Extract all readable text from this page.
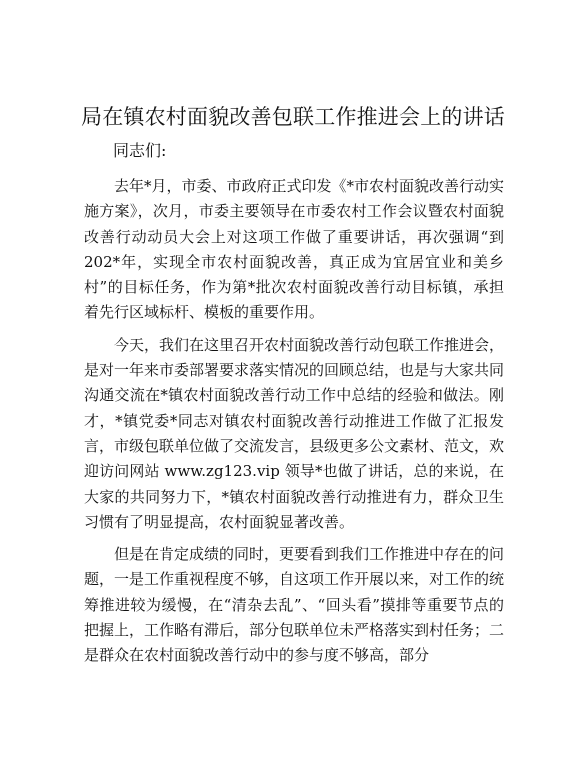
局在镇农村面貌改善包联工作推进会上的讲话
同志们:

去年*月，市委、市政府正式印发《*市农村面貌改善行动实施方案》，次月，市委主要领导在市委农村工作会议暨农村面貌改善行动动员大会上对这项工作做了重要讲话，再次强调“到202*年，实现全市农村面貌改善，真正成为宜居宜业和美乡村”的目标任务，作为第*批次农村面貌改善行动目标镇，承担着先行区域标杆、模板的重要作用。

今天，我们在这里召开农村面貌改善行动包联工作推进会，是对一年来市委部署要求落实情况的回顾总结，也是与大家共同沟通交流在*镇农村面貌改善行动工作中总结的经验和做法。刚才，*镇党委*同志对镇农村面貌改善行动推进工作做了汇报发言，市级包联单位做了交流发言，县级更多公文素材、范文，欢迎访问网站 www.zg123.vip 领导*也做了讲话，总的来说，在大家的共同努力下，*镇农村面貌改善行动推进有力，群众卫生习惯有了明显提高，农村面貌显著改善。

但是在肯定成绩的同时，更要看到我们工作推进中存在的问题，一是工作重视程度不够，自这项工作开展以来，对工作的统筹推进较为缓慢，在“清杂去乱”、“回头看”摸排等重要节点的把握上，工作略有滞后，部分包联单位未严格落实到村任务；二是群众在农村面貌改善行动中的参与度不够高，部分
